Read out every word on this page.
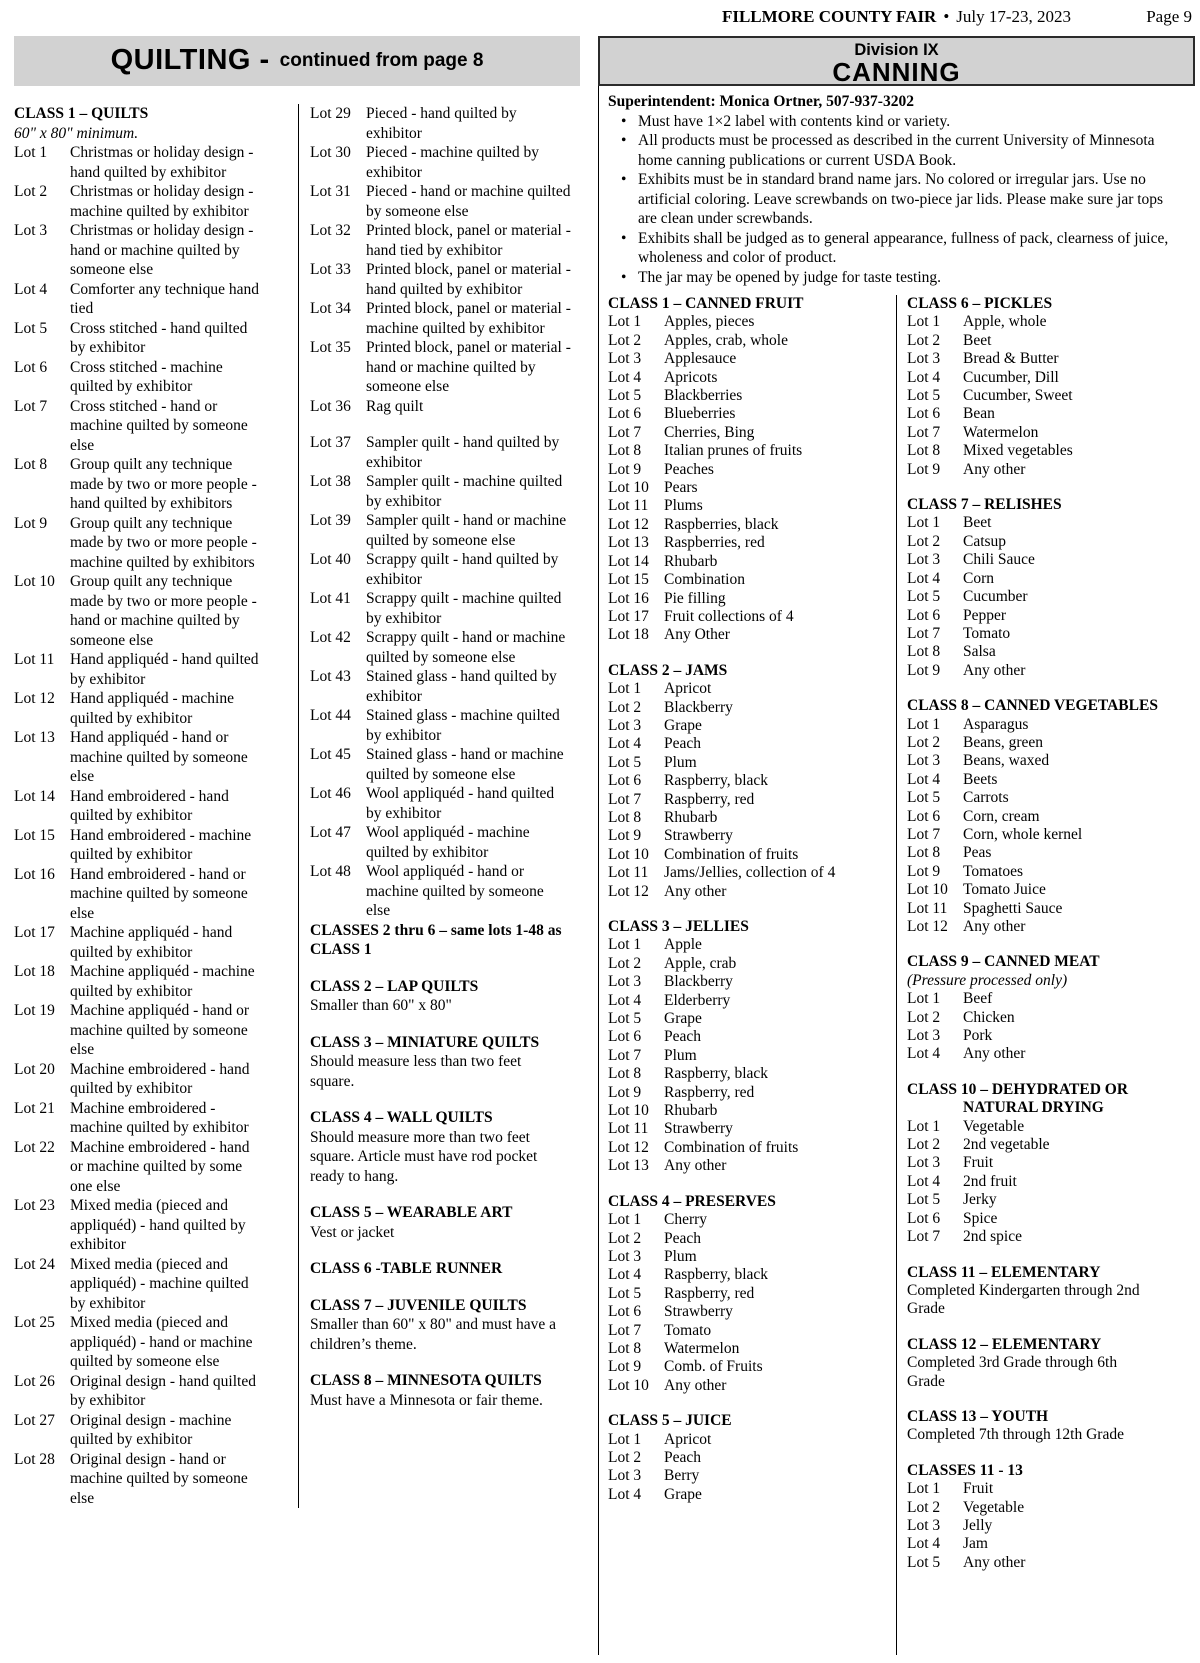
FILLMORE COUNTY FAIR • July 17-23, 2023	Page 9
QUILTING - continued from page 8
CLASS 1 – QUILTS
60" x 80" minimum.
Lot 1	Christmas or holiday design - hand quilted by exhibitor
Lot 2	Christmas or holiday design - machine quilted by exhibitor
Lot 3	Christmas or holiday design - hand or machine quilted by someone else
Lot 4	Comforter any technique hand tied
Lot 5	Cross stitched - hand quilted by exhibitor
Lot 6	Cross stitched - machine quilted by exhibitor
Lot 7	Cross stitched - hand or machine quilted by someone else
Lot 8	Group quilt any technique made by two or more people - hand quilted by exhibitors
Lot 9	Group quilt any technique made by two or more people - machine quilted by exhibitors
Lot 10 Group quilt any technique made by two or more people - hand or machine quilted by someone else
Lot 11	Hand appliquéd - hand quilted by exhibitor
Lot 12 Hand appliquéd - machine quilted by exhibitor
Lot 13 Hand appliquéd - hand or machine quilted by someone else
Lot 14 Hand embroidered - hand quilted by exhibitor
Lot 15 Hand embroidered - machine quilted by exhibitor
Lot 16 Hand embroidered - hand or machine quilted by someone else
Lot 17 Machine appliquéd - hand quilted by exhibitor
Lot 18 Machine appliquéd - machine quilted by exhibitor
Lot 19 Machine appliquéd - hand or machine quilted by someone else
Lot 20 Machine embroidered - hand quilted by exhibitor
Lot 21 Machine embroidered - machine quilted by exhibitor
Lot 22 Machine embroidered - hand or machine quilted by some one else
Lot 23 Mixed media (pieced and appliquéd) - hand quilted by exhibitor
Lot 24 Mixed media (pieced and appliquéd) - machine quilted by exhibitor
Lot 25 Mixed media (pieced and appliquéd) - hand or machine quilted by someone else
Lot 26 Original design - hand quilted by exhibitor
Lot 27 Original design - machine quilted by exhibitor
Lot 28 Original design - hand or machine quilted by someone else
Lot 29 Pieced - hand quilted by exhibitor
Lot 30 Pieced - machine quilted by exhibitor
Lot 31 Pieced - hand or machine quilted by someone else
Lot 32 Printed block, panel or material - hand tied by exhibitor
Lot 33 Printed block, panel or material - hand quilted by exhibitor
Lot 34 Printed block, panel or material - machine quilted by exhibitor
Lot 35 Printed block, panel or material - hand or machine quilted by someone else
Lot 36 Rag quilt
Lot 37 Sampler quilt - hand quilted by exhibitor
Lot 38 Sampler quilt - machine quilted by exhibitor
Lot 39 Sampler quilt - hand or machine quilted by someone else
Lot 40 Scrappy quilt - hand quilted by exhibitor
Lot 41 Scrappy quilt - machine quilted by exhibitor
Lot 42 Scrappy quilt - hand or machine quilted by someone else
Lot 43 Stained glass - hand quilted by exhibitor
Lot 44 Stained glass - machine quilted by exhibitor
Lot 45 Stained glass - hand or machine quilted by someone else
Lot 46 Wool appliquéd - hand quilted by exhibitor
Lot 47 Wool appliquéd - machine quilted by exhibitor
Lot 48 Wool appliquéd - hand or machine quilted by someone else
CLASSES 2 thru 6 – same lots 1-48 as CLASS 1
CLASS 2 – LAP QUILTS
Smaller than 60" x 80"
CLASS 3 – MINIATURE QUILTS
Should measure less than two feet square.
CLASS 4 – WALL QUILTS
Should measure more than two feet square. Article must have rod pocket ready to hang.
CLASS 5 – WEARABLE ART
Vest or jacket
CLASS 6 -TABLE RUNNER
CLASS 7 – JUVENILE QUILTS
Smaller than 60" x 80" and must have a children’s theme.
CLASS 8 – MINNESOTA QUILTS
Must have a Minnesota or fair theme.
Division IX
CANNING
Superintendent: Monica Ortner, 507-937-3202
• Must have 1×2 label with contents kind or variety.
• All products must be processed as described in the current University of Minnesota home canning publications or current USDA Book.
• Exhibits must be in standard brand name jars. No colored or irregular jars. Use no artificial coloring. Leave screwbands on two-piece jar lids. Please make sure jar tops are clean under screwbands.
• Exhibits shall be judged as to general appearance, fullness of pack, clearness of juice, wholeness and color of product.
• The jar may be opened by judge for taste testing.
CLASS 1 – CANNED FRUIT
Lot 1	Apples, pieces
Lot 2	Apples, crab, whole
Lot 3	Applesauce
Lot 4	Apricots
Lot 5	Blackberries
Lot 6	Blueberries
Lot 7	Cherries, Bing
Lot 8	Italian prunes of fruits
Lot 9	Peaches
Lot 10 Pears
Lot 11	Plums
Lot 12 Raspberries, black
Lot 13 Raspberries, red
Lot 14 Rhubarb
Lot 15 Combination
Lot 16 Pie filling
Lot 17 Fruit collections of 4
Lot 18 Any Other
CLASS 2 – JAMS
Lot 1	Apricot
Lot 2	Blackberry
Lot 3	Grape
Lot 4	Peach
Lot 5	Plum
Lot 6	Raspberry, black
Lot 7	Raspberry, red
Lot 8	Rhubarb
Lot 9	Strawberry
Lot 10 Combination of fruits
Lot 11	Jams/Jellies, collection of 4
Lot 12 Any other
CLASS 3 – JELLIES
Lot 1	Apple
Lot 2	Apple, crab
Lot 3	Blackberry
Lot 4	Elderberry
Lot 5	Grape
Lot 6	Peach
Lot 7	Plum
Lot 8	Raspberry, black
Lot 9	Raspberry, red
Lot 10 Rhubarb
Lot 11	Strawberry
Lot 12 Combination of fruits
Lot 13 Any other
CLASS 4 – PRESERVES
Lot 1	Cherry
Lot 2	Peach
Lot 3	Plum
Lot 4	Raspberry, black
Lot 5	Raspberry, red
Lot 6	Strawberry
Lot 7	Tomato
Lot 8	Watermelon
Lot 9	Comb. of Fruits
Lot 10 Any other
CLASS 5 – JUICE
Lot 1	Apricot
Lot 2	Peach
Lot 3	Berry
Lot 4	Grape
CLASS 6 – PICKLES
Lot 1	Apple, whole
Lot 2	Beet
Lot 3	Bread & Butter
Lot 4	Cucumber, Dill
Lot 5	Cucumber, Sweet
Lot 6	Bean
Lot 7	Watermelon
Lot 8	Mixed vegetables
Lot 9	Any other
CLASS 7 – RELISHES
Lot 1	Beet
Lot 2	Catsup
Lot 3	Chili Sauce
Lot 4	Corn
Lot 5	Cucumber
Lot 6	Pepper
Lot 7	Tomato
Lot 8	Salsa
Lot 9	Any other
CLASS 8 – CANNED VEGETABLES
Lot 1	Asparagus
Lot 2	Beans, green
Lot 3	Beans, waxed
Lot 4	Beets
Lot 5	Carrots
Lot 6	Corn, cream
Lot 7	Corn, whole kernel
Lot 8	Peas
Lot 9	Tomatoes
Lot 10 Tomato Juice
Lot 11	Spaghetti Sauce
Lot 12 Any other
CLASS 9 – CANNED MEAT
(Pressure processed only)
Lot 1	Beef
Lot 2	Chicken
Lot 3	Pork
Lot 4	Any other
CLASS 10 – DEHYDRATED OR
NATURAL DRYING
Lot 1	Vegetable
Lot 2	2nd vegetable
Lot 3	Fruit
Lot 4	2nd fruit
Lot 5	Jerky
Lot 6	Spice
Lot 7	2nd spice
CLASS 11 – ELEMENTARY
Completed Kindergarten through 2nd Grade
CLASS 12 – ELEMENTARY
Completed 3rd Grade through 6th Grade
CLASS 13 – YOUTH
Completed 7th through 12th Grade
CLASSES 11 - 13
Lot 1	Fruit
Lot 2	Vegetable
Lot 3	Jelly
Lot 4	Jam
Lot 5	Any other
